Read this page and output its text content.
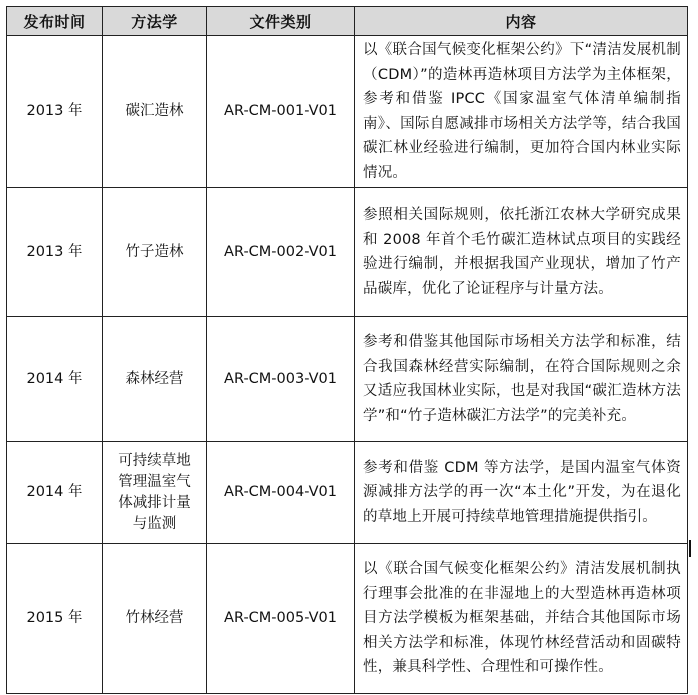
发布时间	方法学	文件类别	内容
2013 年	碳汇造林	AR-CM-001-V01	以《联合国气候变化框架公约》下“清洁发展机制（CDM）”的造林再造林项目方法学为主体框架，参考和借鉴 IPCC《国家温室气体清单编制指南》、国际自愿减排市场相关方法学等，结合我国碳汇林业经验进行编制，更加符合国内林业实际情况。
2013 年	竹子造林	AR-CM-002-V01	参照相关国际规则，依托浙江农林大学研究成果和 2008 年首个毛竹碳汇造林试点项目的实践经验进行编制，并根据我国产业现状，增加了竹产品碳库，优化了论证程序与计量方法。
2014 年	森林经营	AR-CM-003-V01	参考和借鉴其他国际市场相关方法学和标准，结合我国森林经营实际编制，在符合国际规则之余又适应我国林业实际，也是对我国“碳汇造林方法学”和“竹子造林碳汇方法学”的完美补充。
2014 年	可持续草地管理温室气体减排计量与监测	AR-CM-004-V01	参考和借鉴 CDM 等方法学，是国内温室气体资源减排方法学的再一次“本土化”开发，为在退化的草地上开展可持续草地管理措施提供指引。
2015 年	竹林经营	AR-CM-005-V01	以《联合国气候变化框架公约》清洁发展机制执行理事会批准的在非湿地上的大型造林再造林项目方法学模板为框架基础，并结合其他国际市场相关方法学和标准，体现竹林经营活动和固碳特性，兼具科学性、合理性和可操作性。
